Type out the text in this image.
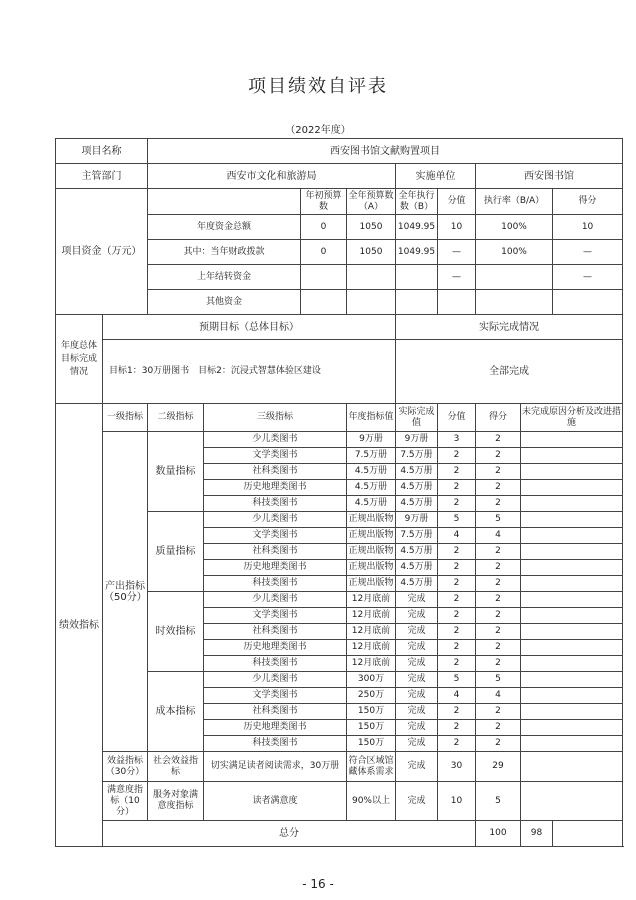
项目绩效自评表
（2022年度）
项目名称		西安图书馆文献购置项目								
主管部门		西安市文化和旅游局				实施单位		西安图书馆		
项目资金（万元）				年初预算数	全年预算数（A）	全年执行数（B）	分值	执行率（B/A）		得分
		年度资金总额		0	1050	1049.95	10	100%		10
		其中：当年财政拨款		0	1050	1049.95	—	100%		—
		上年结转资金					—			—
		其他资金								
年度总体目标完成情况	预期目标（总体目标）					实际完成情况				
	目标1：30万册图书　目标2：沉浸式智慧体验区建设					全部完成				
绩效指标	一级指标	二级指标	三级指标		年度指标值	实际完成值	分值	得分	未完成原因分析及改进措施	
	产出指标（50分）	数量指标	少儿类图书		9万册	9万册	3	2		
			文学类图书		7.5万册	7.5万册	2	2		
			社科类图书		4.5万册	4.5万册	2	2		
			历史地理类图书		4.5万册	4.5万册	2	2		
			科技类图书		4.5万册	4.5万册	2	2		
		质量指标	少儿类图书		正规出版物	9万册	5	5		
			文学类图书		正规出版物	7.5万册	4	4		
			社科类图书		正规出版物	4.5万册	2	2		
			历史地理类图书		正规出版物	4.5万册	2	2		
			科技类图书		正规出版物	4.5万册	2	2		
		时效指标	少儿类图书		12月底前	完成	2	2		
			文学类图书		12月底前	完成	2	2		
			社科类图书		12月底前	完成	2	2		
			历史地理类图书		12月底前	完成	2	2		
			科技类图书		12月底前	完成	2	2		
		成本指标	少儿类图书		300万	完成	5	5		
			文学类图书		250万	完成	4	4		
			社科类图书		150万	完成	2	2		
			历史地理类图书		150万	完成	2	2		
			科技类图书		150万	完成	2	2		
	效益指标（30分）	社会效益指标	切实满足读者阅读需求，30万册		符合区域馆藏体系需求	完成	30	29		
	满意度指标（10分）	服务对象满意度指标	读者满意度		90%以上	完成	10	5		
	总分							100	98	
- 16 -
